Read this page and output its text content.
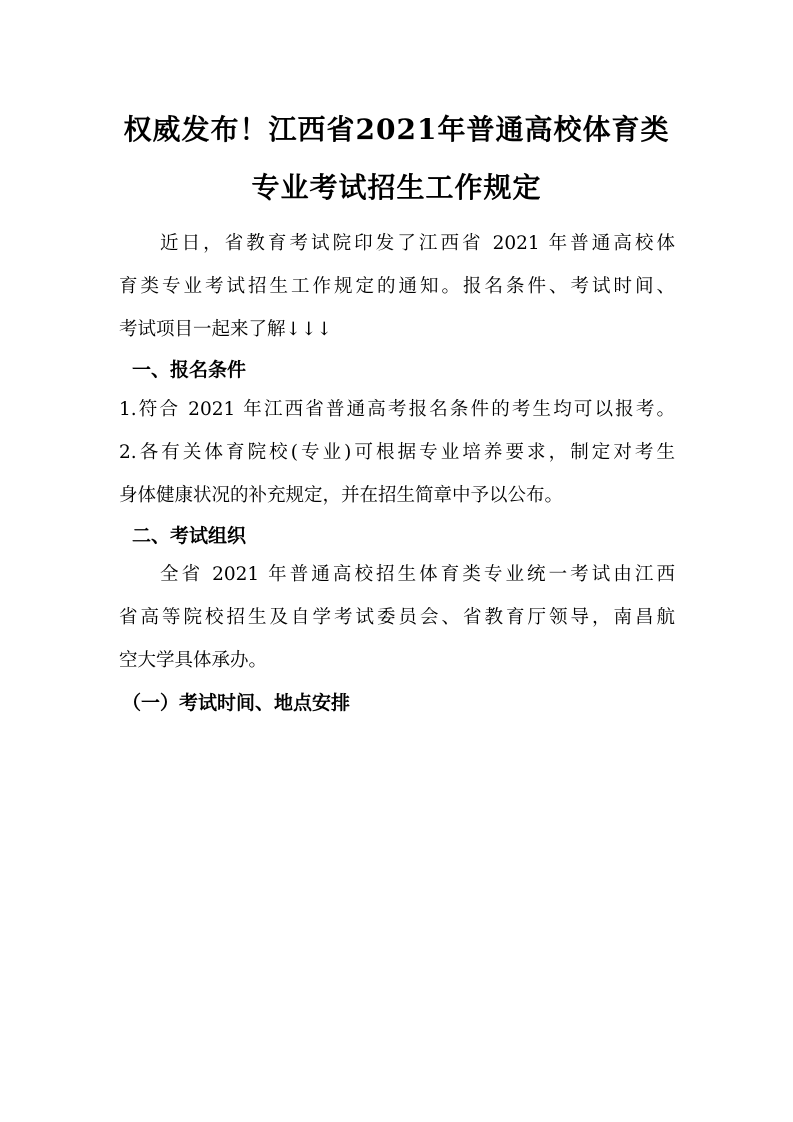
权威发布！江西省2021年普通高校体育类
专业考试招生工作规定
近日，省教育考试院印发了江西省 2021 年普通高校体
育类专业考试招生工作规定的通知。报名条件、考试时间、
考试项目一起来了解↓↓↓
一、报名条件
1.符合 2021 年江西省普通高考报名条件的考生均可以报考。
2.各有关体育院校(专业)可根据专业培养要求，制定对考生
身体健康状况的补充规定，并在招生简章中予以公布。
二、考试组织
全省 2021 年普通高校招生体育类专业统一考试由江西
省高等院校招生及自学考试委员会、省教育厅领导，南昌航
空大学具体承办。
（一）考试时间、地点安排
